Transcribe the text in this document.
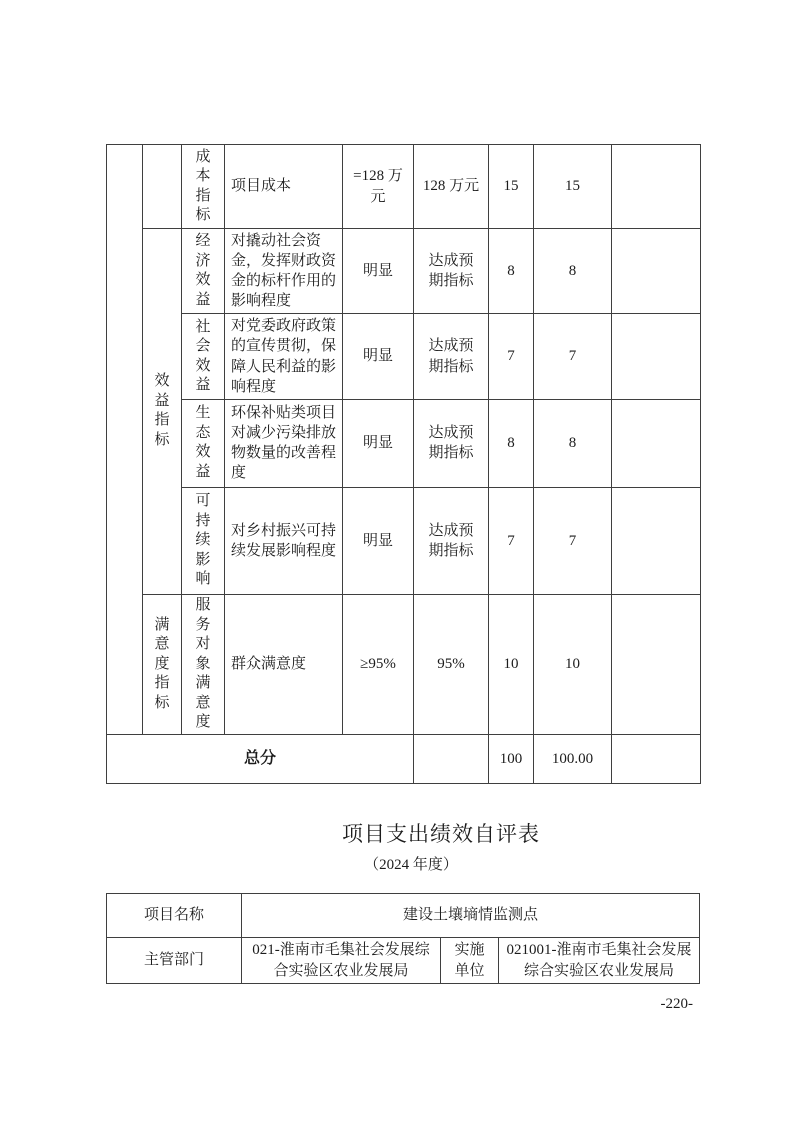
		成本指标	项目成本	=128 万元	128 万元	15	15	
	效益指标	经济效益	对撬动社会资金，发挥财政资金的标杆作用的影响程度	明显	达成预期指标	8	8	
		社会效益	对党委政府政策的宣传贯彻，保障人民利益的影响程度	明显	达成预期指标	7	7	
		生态效益	环保补贴类项目对减少污染排放物数量的改善程度	明显	达成预期指标	8	8	
		可持续影响	对乡村振兴可持续发展影响程度	明显	达成预期指标	7	7	
	满意度指标	服务对象满意度	群众满意度	≥95%	95%	10	10	
总分						100	100.00	
项目支出绩效自评表
（2024 年度）
项目名称	建设土壤墒情监测点		
主管部门	021-淮南市毛集社会发展综合实验区农业发展局	实施单位	021001-淮南市毛集社会发展综合实验区农业发展局
-220-
